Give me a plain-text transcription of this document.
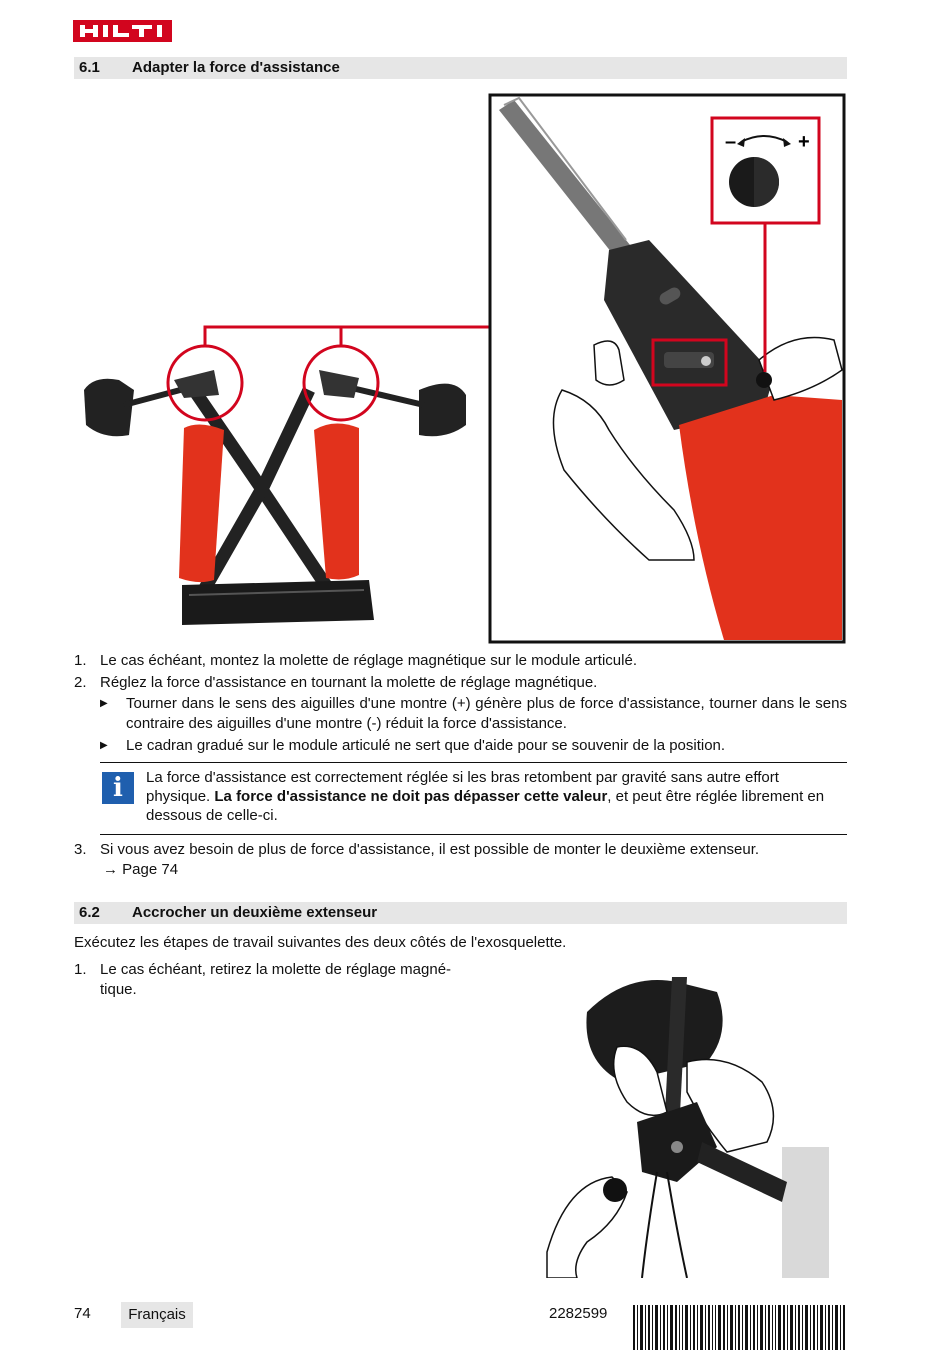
6.1 Adapter la force d'assistance
–	+
1. Le cas échéant, montez la molette de réglage magnétique sur le module articulé.
2. Réglez la force d'assistance en tournant la molette de réglage magnétique.
▶ Tourner dans le sens des aiguilles d'une montre (+) génère plus de force d'assistance, tourner dans le sens contraire des aiguilles d'une montre (-) réduit la force d'assistance.
▶ Le cadran gradué sur le module articulé ne sert que d'aide pour se souvenir de la position.
i	La force d'assistance est correctement réglée si les bras retombent par gravité sans autre effort physique. La force d'assistance ne doit pas dépasser cette valeur, et peut être réglée librement en dessous de celle-ci.
3. Si vous avez besoin de plus de force d'assistance, il est possible de monter le deuxième extenseur.
→ Page 74
6.2 Accrocher un deuxième extenseur
Exécutez les étapes de travail suivantes des deux côtés de l'exosquelette.
1. Le cas échéant, retirez la molette de réglage magné-
tique.
74	Français	2282599
